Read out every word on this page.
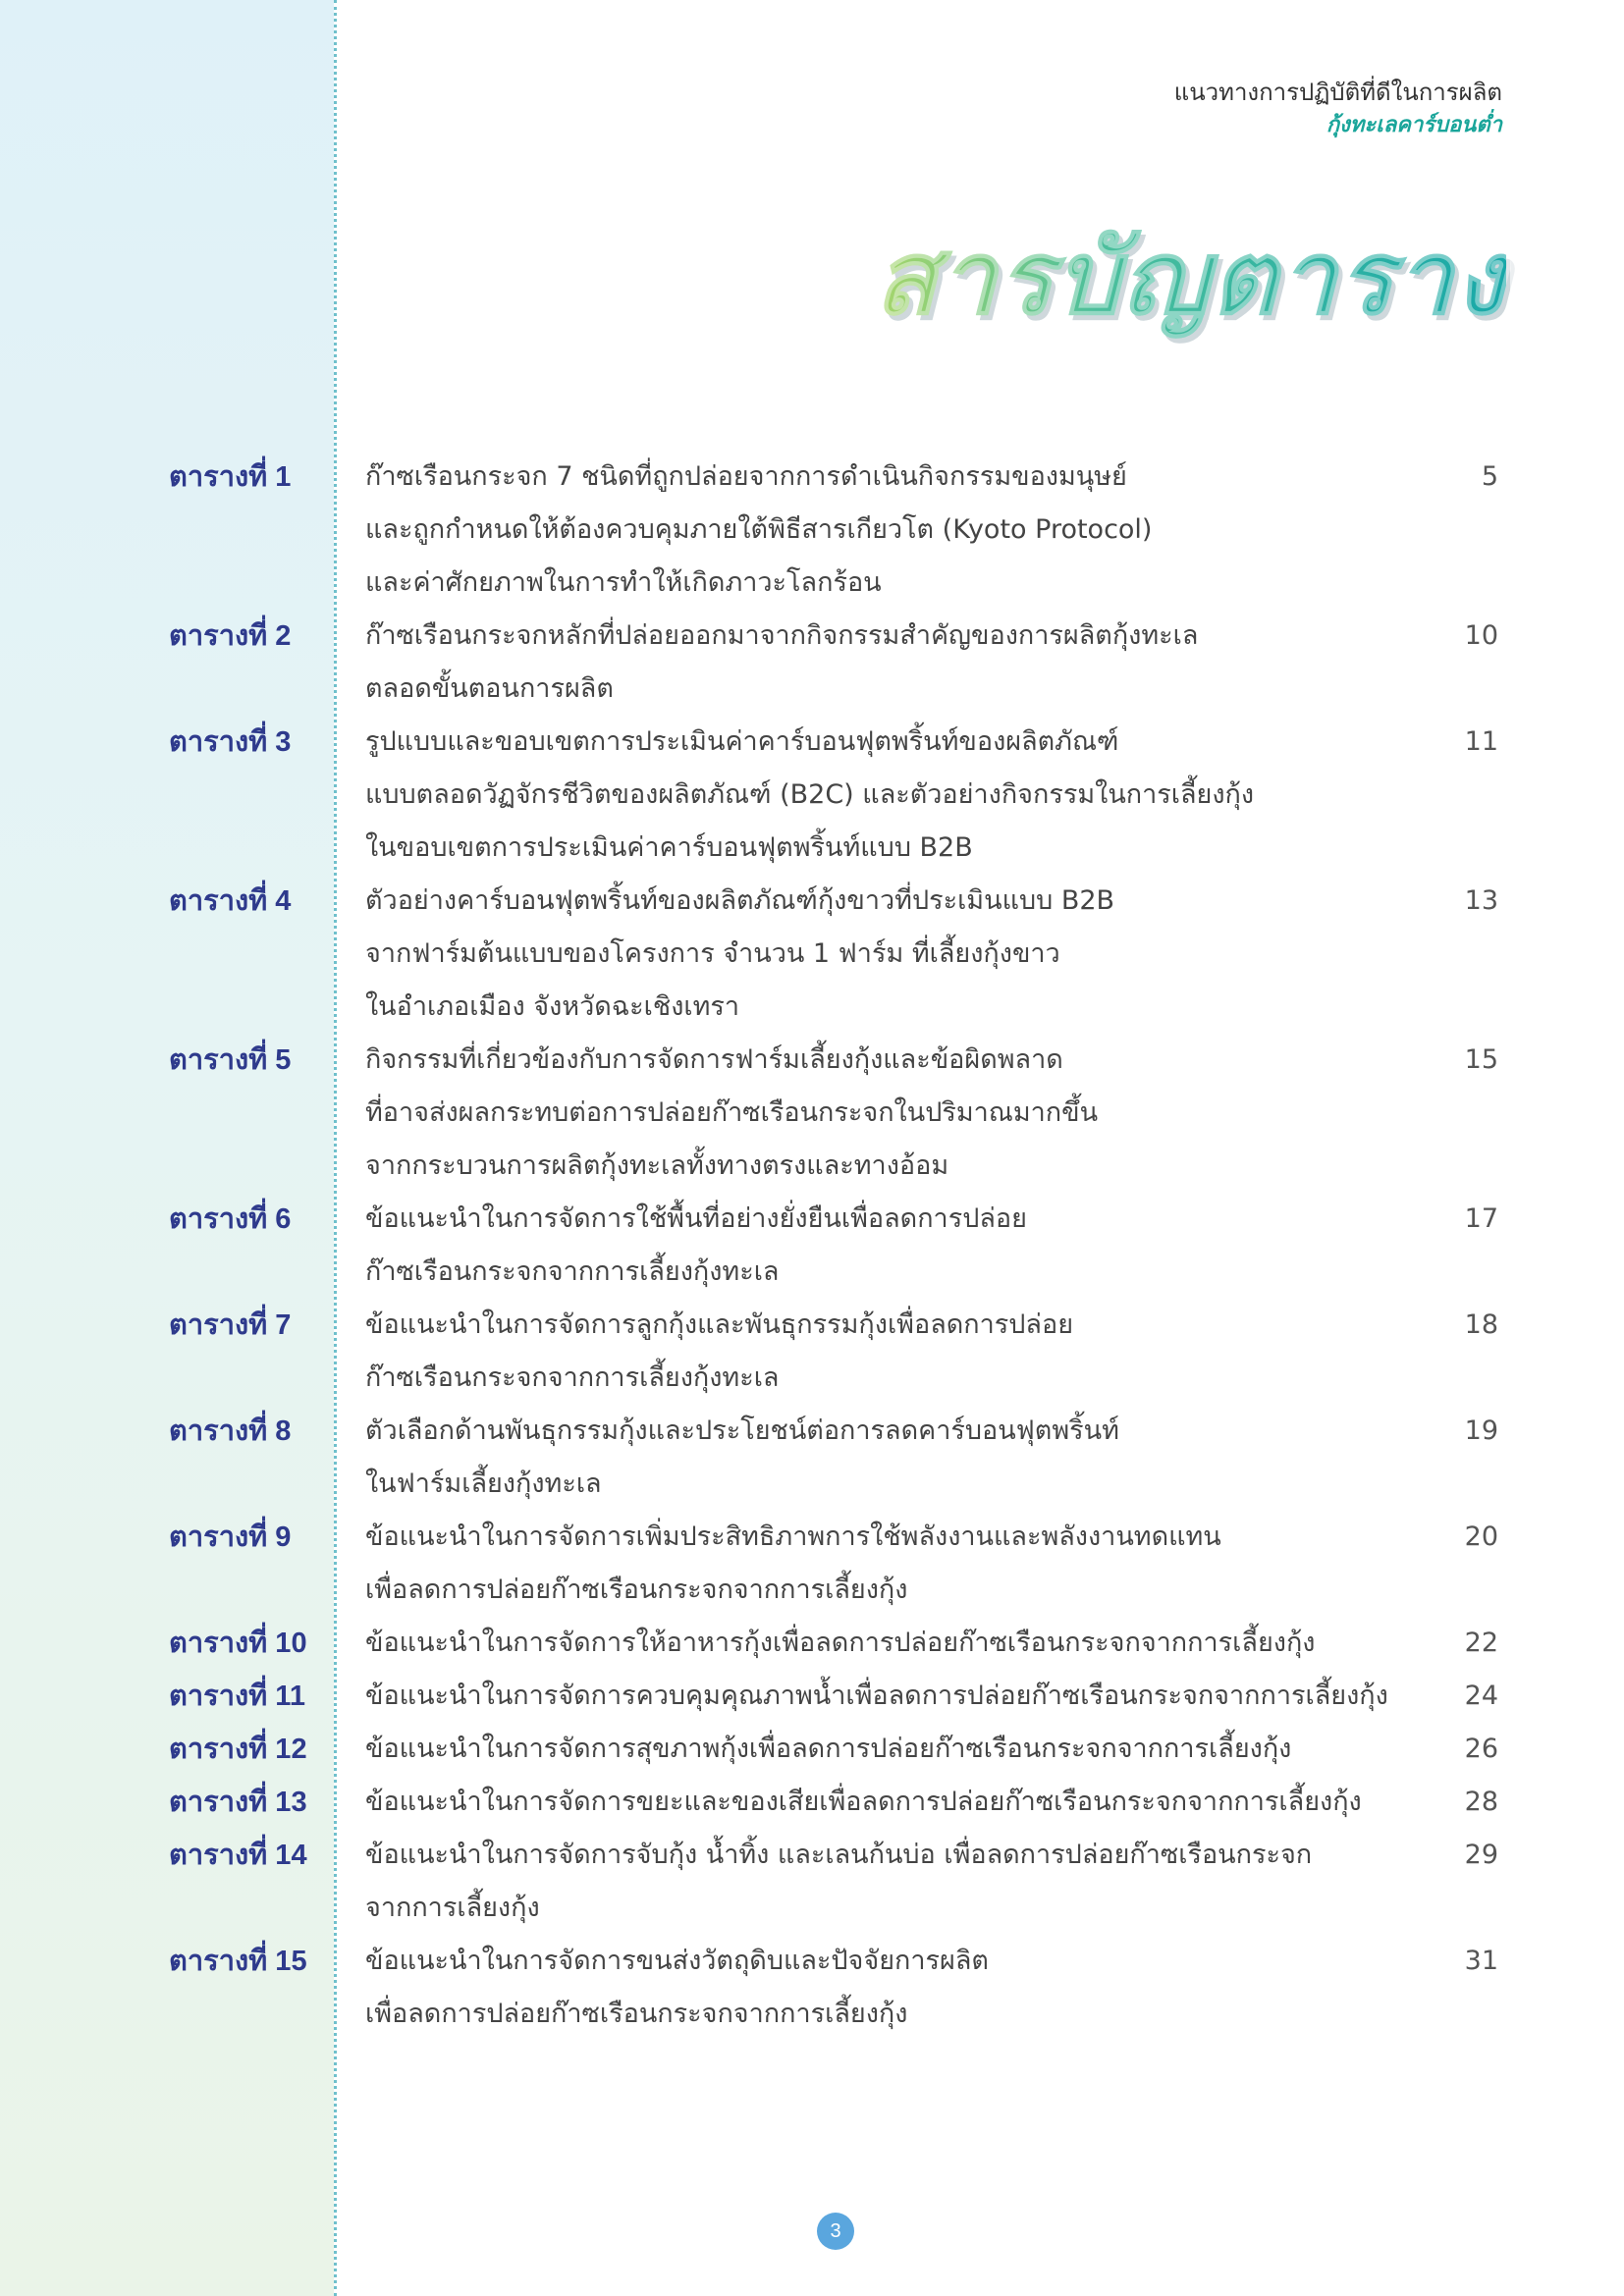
แนวทางการปฏิบัติที่ดีในการผลิต
กุ้งทะเลคาร์บอนต่ำ
สารบัญตาราง
ตารางที่ 1	ก๊าซเรือนกระจก 7 ชนิดที่ถูกปล่อยจากการดำเนินกิจกรรมของมนุษย์
และถูกกำหนดให้ต้องควบคุมภายใต้พิธีสารเกียวโต (Kyoto Protocol)
และค่าศักยภาพในการทำให้เกิดภาวะโลกร้อน
5
ตารางที่ 2	ก๊าซเรือนกระจกหลักที่ปล่อยออกมาจากกิจกรรมสำคัญของการผลิตกุ้งทะเล
ตลอดขั้นตอนการผลิต
10
ตารางที่ 3	รูปแบบและขอบเขตการประเมินค่าคาร์บอนฟุตพริ้นท์ของผลิตภัณฑ์
แบบตลอดวัฏจักรชีวิตของผลิตภัณฑ์ (B2C) และตัวอย่างกิจกรรมในการเลี้ยงกุ้ง
ในขอบเขตการประเมินค่าคาร์บอนฟุตพริ้นท์แบบ B2B
11
ตารางที่ 4	ตัวอย่างคาร์บอนฟุตพริ้นท์ของผลิตภัณฑ์กุ้งขาวที่ประเมินแบบ B2B
จากฟาร์มต้นแบบของโครงการ จำนวน 1 ฟาร์ม ที่เลี้ยงกุ้งขาว
ในอำเภอเมือง จังหวัดฉะเชิงเทรา
13
ตารางที่ 5	กิจกรรมที่เกี่ยวข้องกับการจัดการฟาร์มเลี้ยงกุ้งและข้อผิดพลาด
ที่อาจส่งผลกระทบต่อการปล่อยก๊าซเรือนกระจกในปริมาณมากขึ้น
จากกระบวนการผลิตกุ้งทะเลทั้งทางตรงและทางอ้อม
15
ตารางที่ 6	ข้อแนะนำในการจัดการใช้พื้นที่อย่างยั่งยืนเพื่อลดการปล่อย
ก๊าซเรือนกระจกจากการเลี้ยงกุ้งทะเล
17
ตารางที่ 7	ข้อแนะนำในการจัดการลูกกุ้งและพันธุกรรมกุ้งเพื่อลดการปล่อย
ก๊าซเรือนกระจกจากการเลี้ยงกุ้งทะเล
18
ตารางที่ 8	ตัวเลือกด้านพันธุกรรมกุ้งและประโยชน์ต่อการลดคาร์บอนฟุตพริ้นท์
ในฟาร์มเลี้ยงกุ้งทะเล
19
ตารางที่ 9	ข้อแนะนำในการจัดการเพิ่มประสิทธิภาพการใช้พลังงานและพลังงานทดแทน
เพื่อลดการปล่อยก๊าซเรือนกระจกจากการเลี้ยงกุ้ง
20
ตารางที่ 10 ข้อแนะนำในการจัดการให้อาหารกุ้งเพื่อลดการปล่อยก๊าซเรือนกระจกจากการเลี้ยงกุ้ง	22
ตารางที่ 11 ข้อแนะนำในการจัดการควบคุมคุณภาพน้ำเพื่อลดการปล่อยก๊าซเรือนกระจกจากการเลี้ยงกุ้ง	24
ตารางที่ 12 ข้อแนะนำในการจัดการสุขภาพกุ้งเพื่อลดการปล่อยก๊าซเรือนกระจกจากการเลี้ยงกุ้ง	26
ตารางที่ 13 ข้อแนะนำในการจัดการขยะและของเสียเพื่อลดการปล่อยก๊าซเรือนกระจกจากการเลี้ยงกุ้ง	28
ตารางที่ 14 ข้อแนะนำในการจัดการจับกุ้ง น้ำทิ้ง และเลนก้นบ่อ เพื่อลดการปล่อยก๊าซเรือนกระจก
จากการเลี้ยงกุ้ง
29
ตารางที่ 15 ข้อแนะนำในการจัดการขนส่งวัตถุดิบและปัจจัยการผลิต
เพื่อลดการปล่อยก๊าซเรือนกระจกจากการเลี้ยงกุ้ง
31
3
